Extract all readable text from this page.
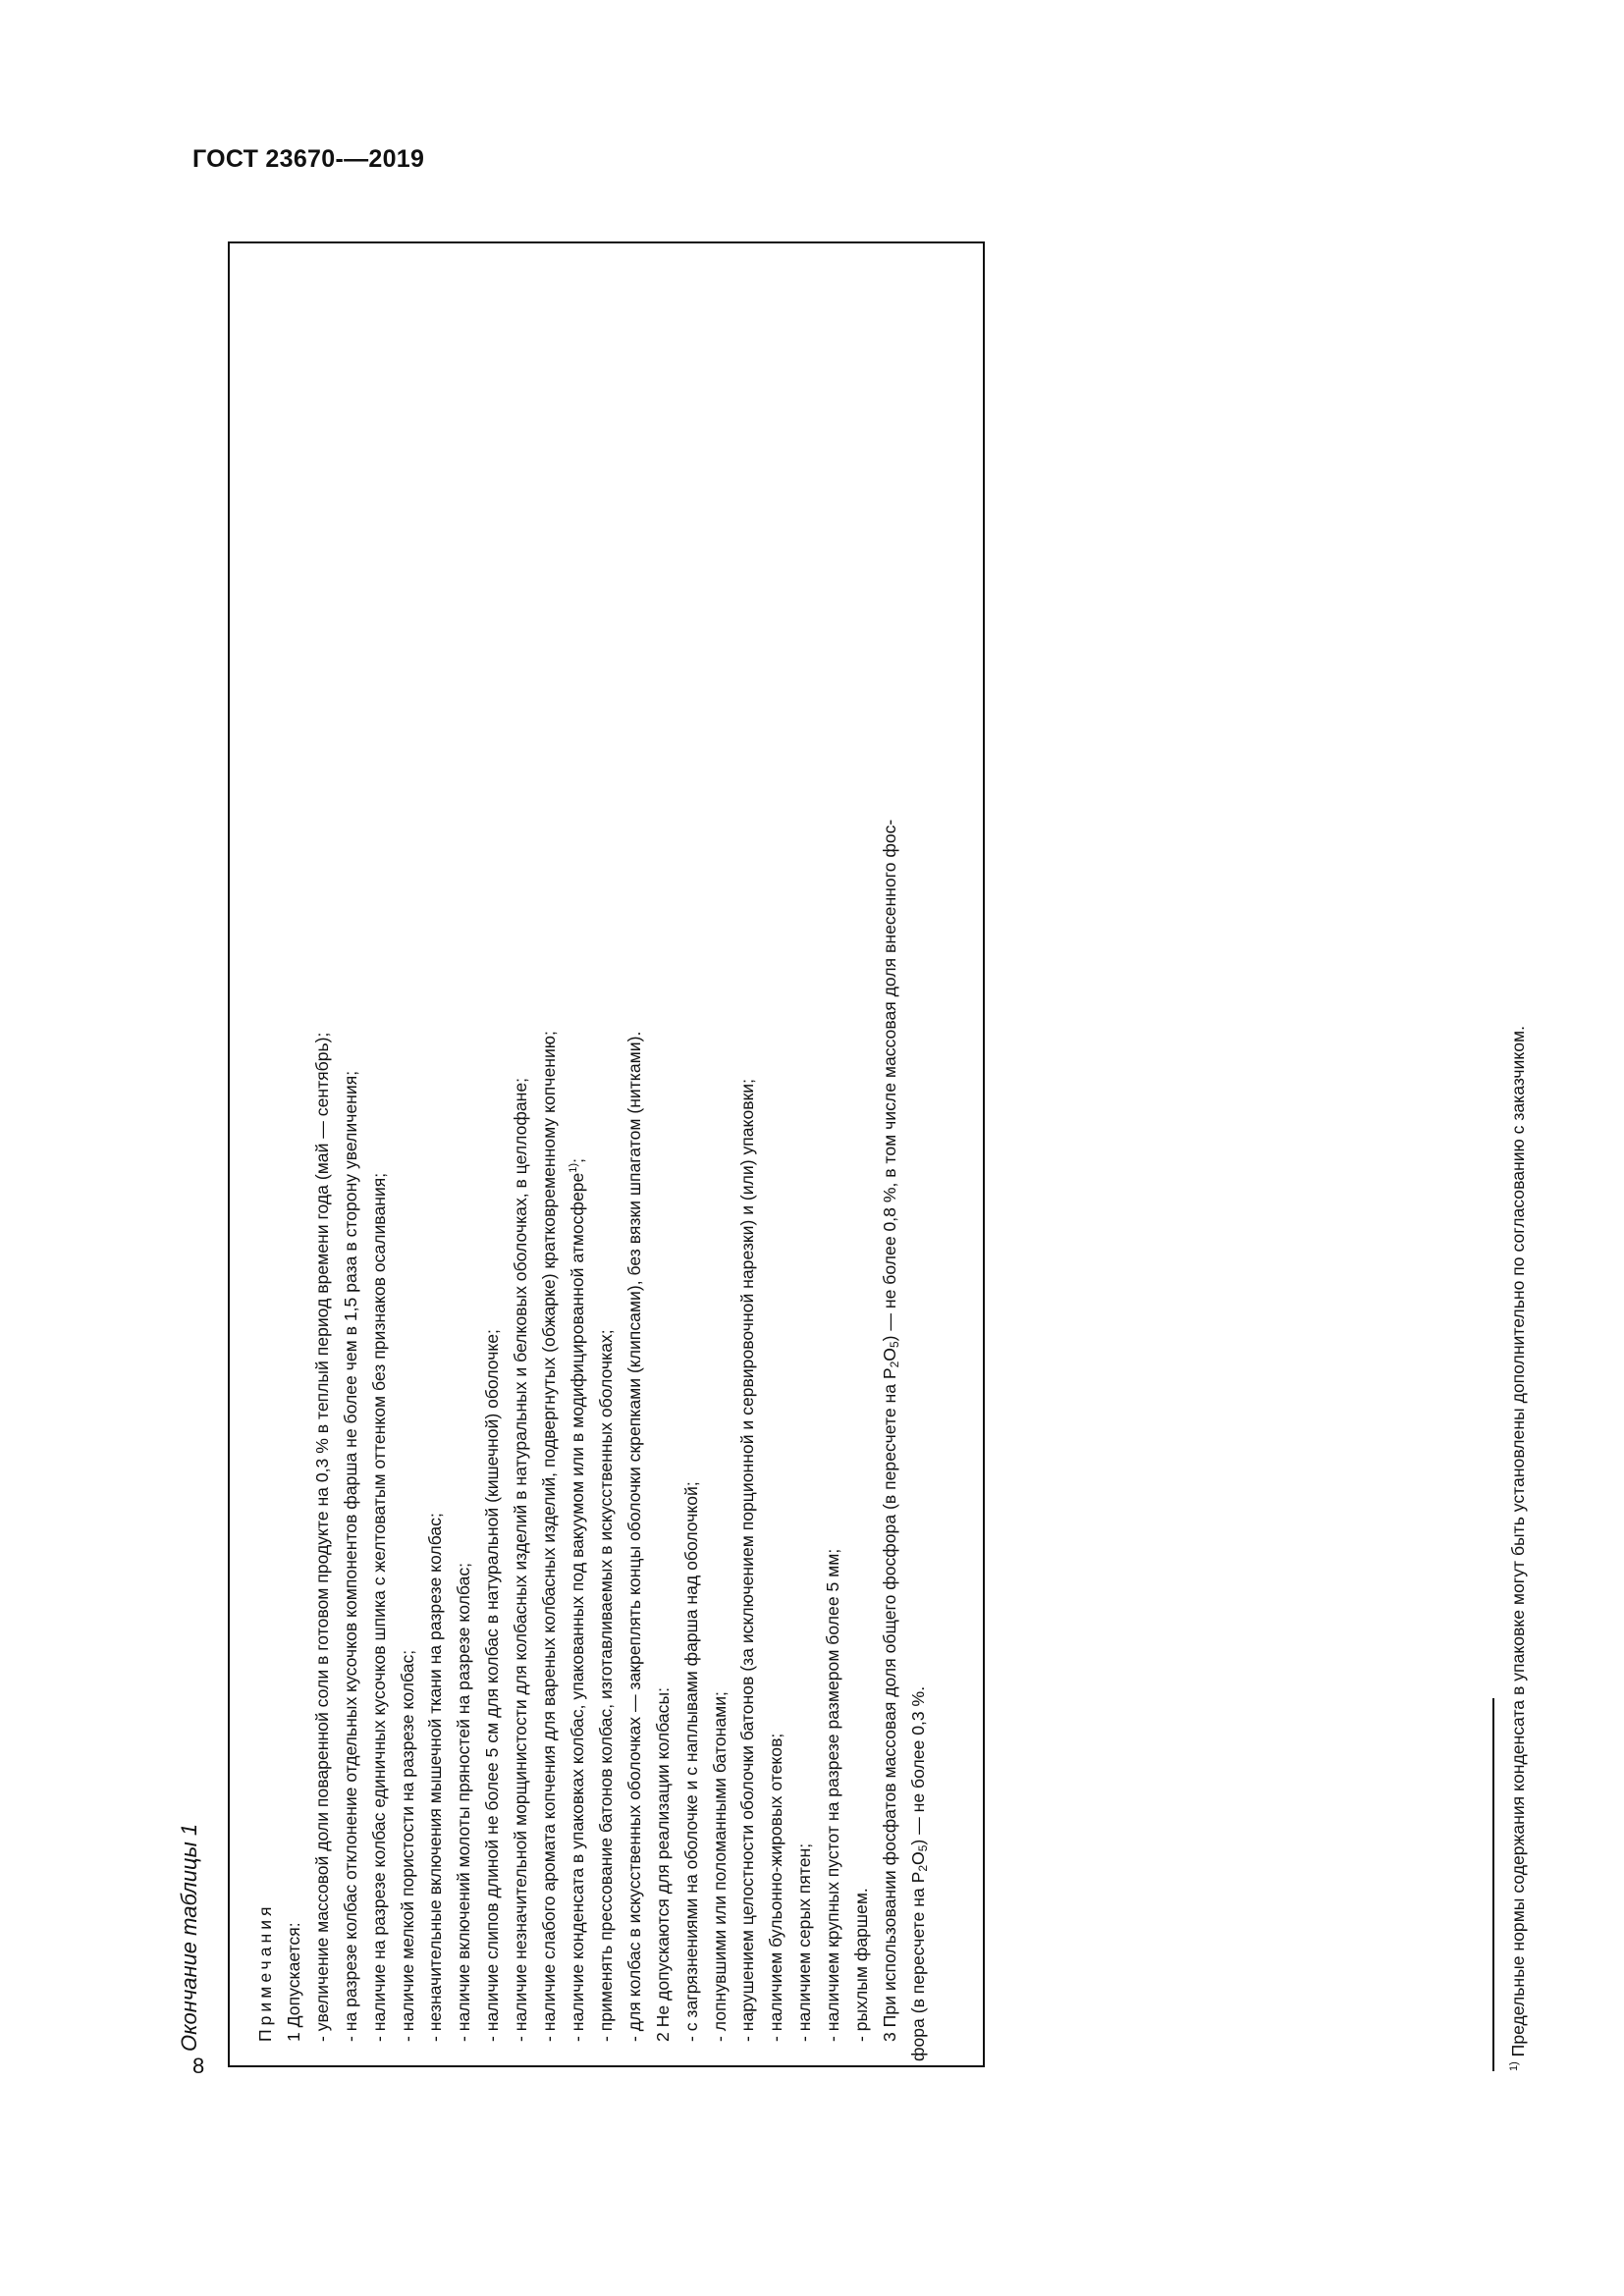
ГОСТ 23670-—2019
8
Окончание таблицы 1	Примечания 1 Допускается: - увеличение массовой доли поваренной соли в готовом продукте на 0,3 % в теплый период времени года (май — сентябрь); - на разрезе колбас отклонение отдельных кусочков компонентов фарша не более чем в 1,5 раза в сторону увеличения; - наличие на разрезе колбас единичных кусочков шпика с желтоватым оттенком без признаков осаливания; - наличие мелкой пористости на разрезе колбас; - незначительные включения мышечной ткани на разрезе колбас; - наличие включений молоты пряностей на разрезе колбас; - наличие слипов длиной не более 5 см для колбас в натуральной (кишечной) оболочке; - наличие незначительной морщинистости для колбасных изделий в натуральных и белковых оболочках, в целлофане; - наличие слабого аромата копчения для вареных колбасных изделий, подвергнутых (обжарке) кратковременному копчению; - наличие конденсата в упаковках колбас, упакованных под вакуумом или в модифицированной атмосфере$^{1)}$;
- применять прессование батонов колбас, изготавливаемых в искусственных оболочках; - для колбас в искусственных оболочках — закреплять концы оболочки скрепками (клипсами), без вязки шпагатом (нитками). 2 Не допускаются для реализации колбасы: - с загрязнениями на оболочке и с наплывами фарша над оболочкой; - лопнувшими или поломанными батонами; - нарушением целостности оболочки батонов (за исключением порционной и сервировочной нарезки) и (или) упаковки; - наличием бульонно-жировых отеков; - наличием серых пятен; - наличием крупных пустот на разрезе размером более 5 мм; - рыхлым фаршем. 3 При использовании фосфатов массовая доля общего фосфора (в пересчете на $P_2O_5$) — не более 0,8 %, в том числе массовая доля внесенного фос-
фора (в пересчете на $P_2O_5$) — не более 0,3 %.
$^{1)}$ Предельные нормы содержания конденсата в упаковке могут быть установлены дополнительно по согласованию с заказчиком.
